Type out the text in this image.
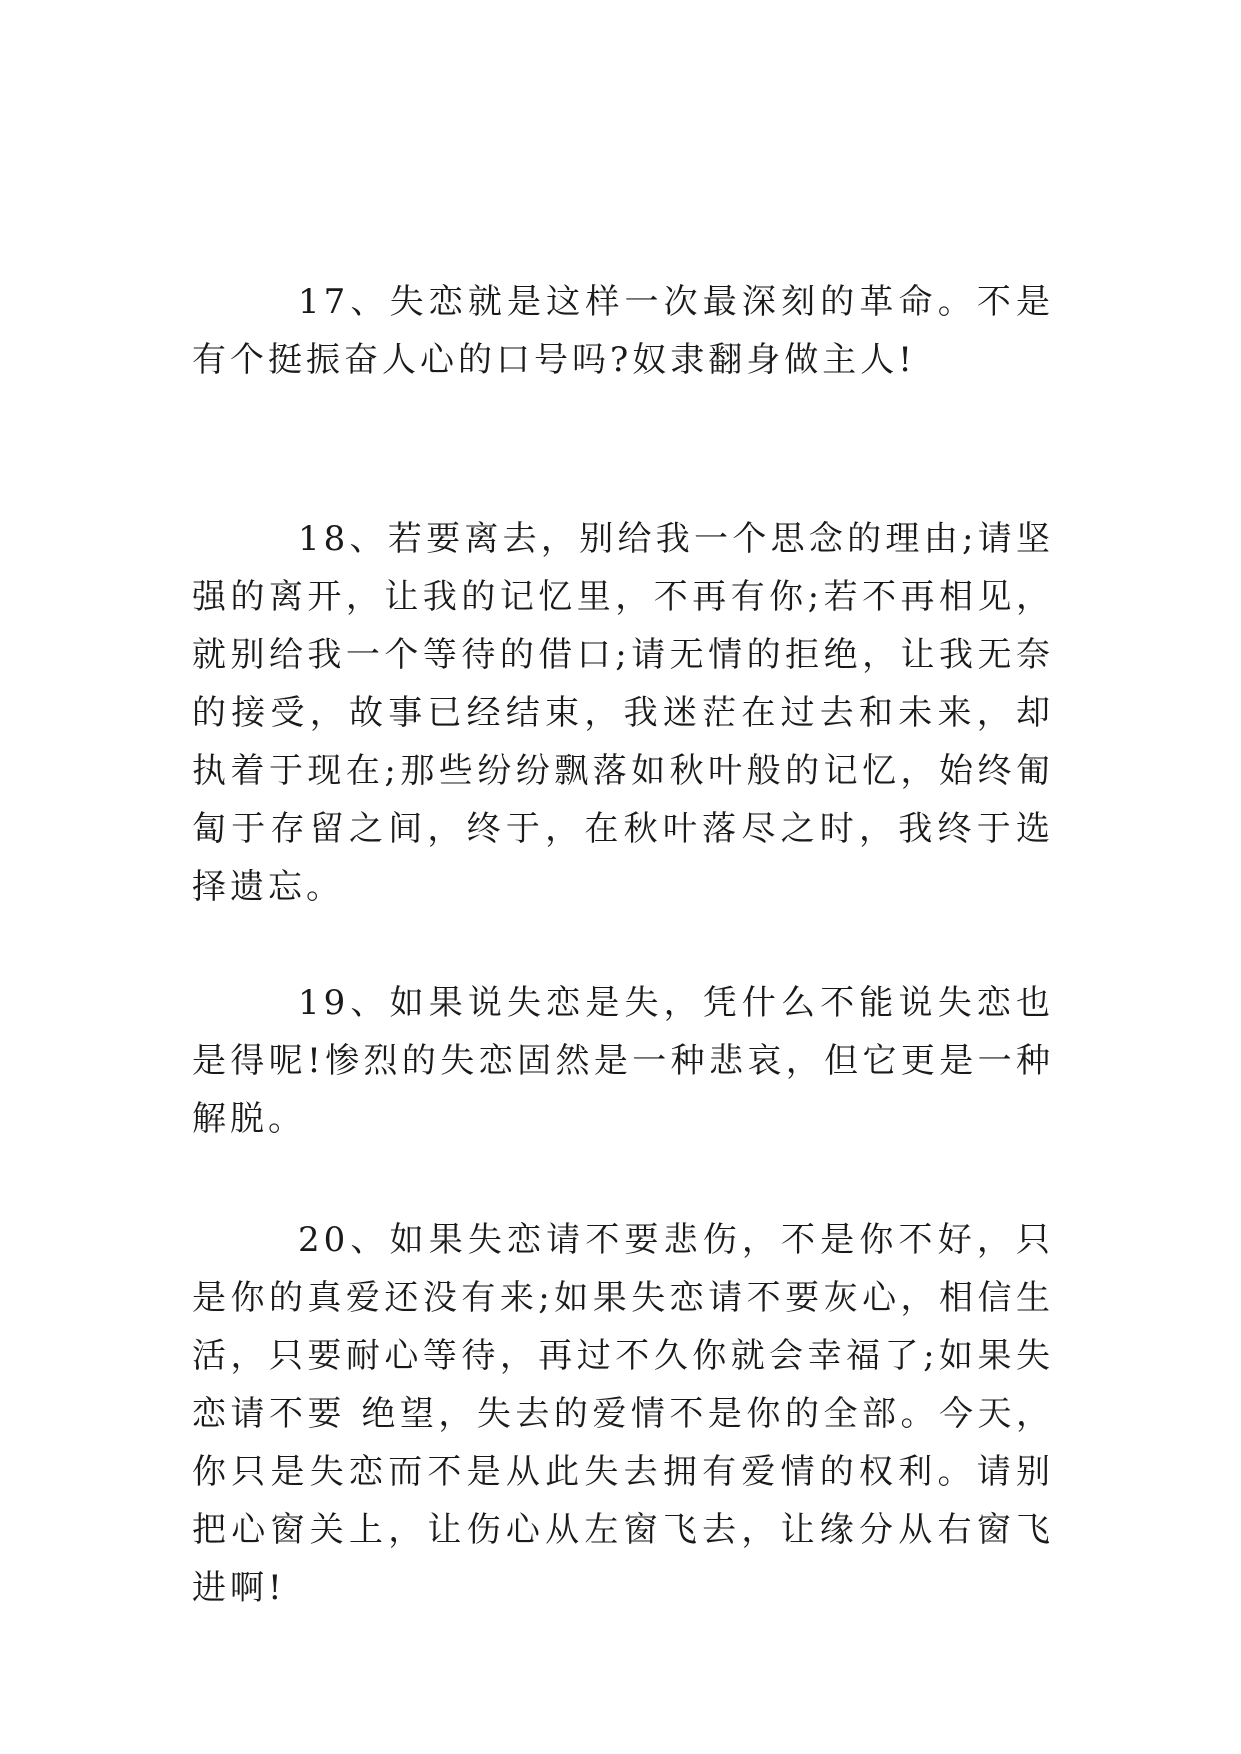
17、失恋就是这样一次最深刻的革命。不是有个挺振奋人心的口号吗?奴隶翻身做主人!

18、若要离去，别给我一个思念的理由;请坚强的离开，让我的记忆里，不再有你;若不再相见，就别给我一个等待的借口;请无情的拒绝，让我无奈的接受，故事已经结束，我迷茫在过去和未来，却执着于现在;那些纷纷飘落如秋叶般的记忆，始终匍匐于存留之间，终于，在秋叶落尽之时，我终于选择遗忘。

19、如果说失恋是失，凭什么不能说失恋也是得呢!惨烈的失恋固然是一种悲哀，但它更是一种解脱。

20、如果失恋请不要悲伤，不是你不好，只是你的真爱还没有来;如果失恋请不要灰心，相信生活，只要耐心等待，再过不久你就会幸福了;如果失恋请不要 绝望，失去的爱情不是你的全部。今天，你只是失恋而不是从此失去拥有爱情的权利。请别把心窗关上，让伤心从左窗飞去，让缘分从右窗飞进啊!
